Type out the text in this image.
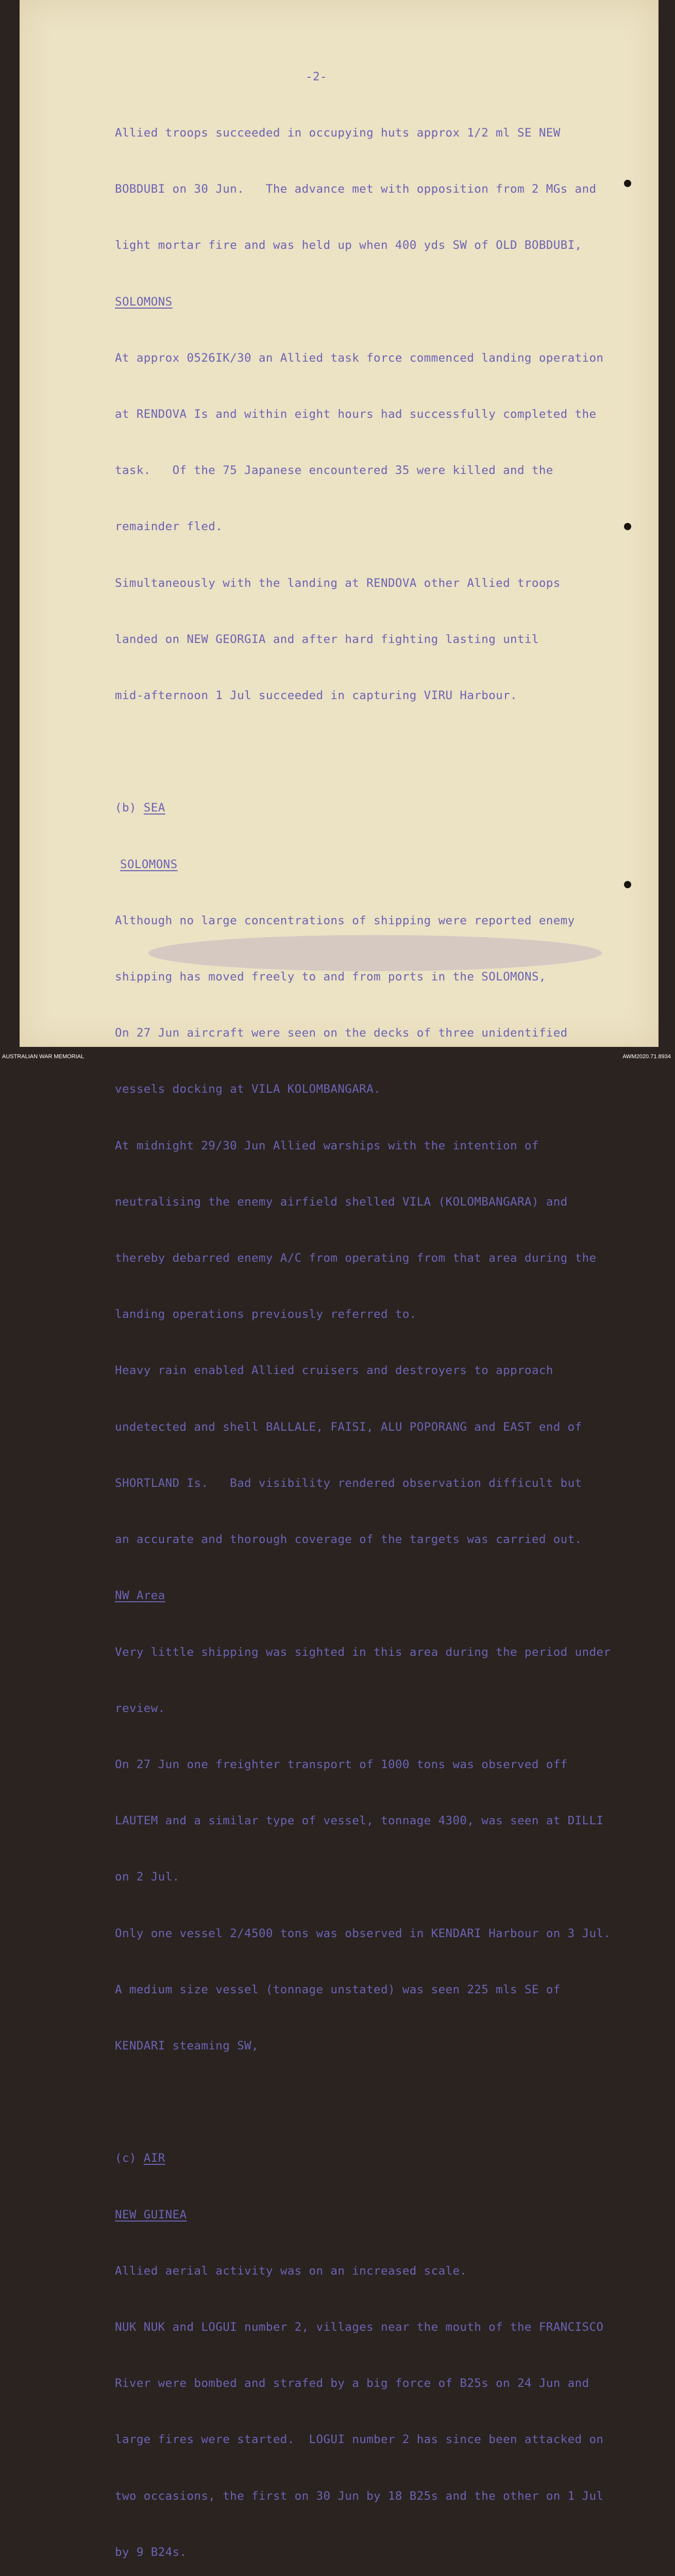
-2-

Allied troops succeeded in occupying huts approx 1/2 ml SE NEW

BOBDUBI on 30 Jun.   The advance met with opposition from 2 MGs and

light mortar fire and was held up when 400 yds SW of OLD BOBDUBI,

SOLOMONS

At approx 0526IK/30 an Allied task force commenced landing operation

at RENDOVA Is and within eight hours had successfully completed the

task.   Of the 75 Japanese encountered 35 were killed and the

remainder fled.

Simultaneously with the landing at RENDOVA other Allied troops

landed on NEW GEORGIA and after hard fighting lasting until

mid-afternoon 1 Jul succeeded in capturing VIRU Harbour.

(b) SEA

SOLOMONS

Although no large concentrations of shipping were reported enemy

shipping has moved freely to and from ports in the SOLOMONS,

On 27 Jun aircraft were seen on the decks of three unidentified

vessels docking at VILA KOLOMBANGARA.

At midnight 29/30 Jun Allied warships with the intention of

neutralising the enemy airfield shelled VILA (KOLOMBANGARA) and

thereby debarred enemy A/C from operating from that area during the

landing operations previously referred to.

Heavy rain enabled Allied cruisers and destroyers to approach

undetected and shell BALLALE, FAISI, ALU POPORANG and EAST end of

SHORTLAND Is.   Bad visibility rendered observation difficult but

an accurate and thorough coverage of the targets was carried out.

NW Area

Very little shipping was sighted in this area during the period under

review.

On 27 Jun one freighter transport of 1000 tons was observed off

LAUTEM and a similar type of vessel, tonnage 4300, was seen at DILLI

on 2 Jul.

Only one vessel 2/4500 tons was observed in KENDARI Harbour on 3 Jul.

A medium size vessel (tonnage unstated) was seen 225 mls SE of

KENDARI steaming SW,

(c) AIR

NEW GUINEA

Allied aerial activity was on an increased scale.

NUK NUK and LOGUI number 2, villages near the mouth of the FRANCISCO

River were bombed and strafed by a big force of B25s on 24 Jun and

large fires were started.  LOGUI number 2 has since been attacked on

two occasions, the first on 30 Jun by 18 B25s and the other on 1 Jul

by 9 B24s.

AUSTRALIAN WAR MEMORIAL	AWM2020.71.8934
